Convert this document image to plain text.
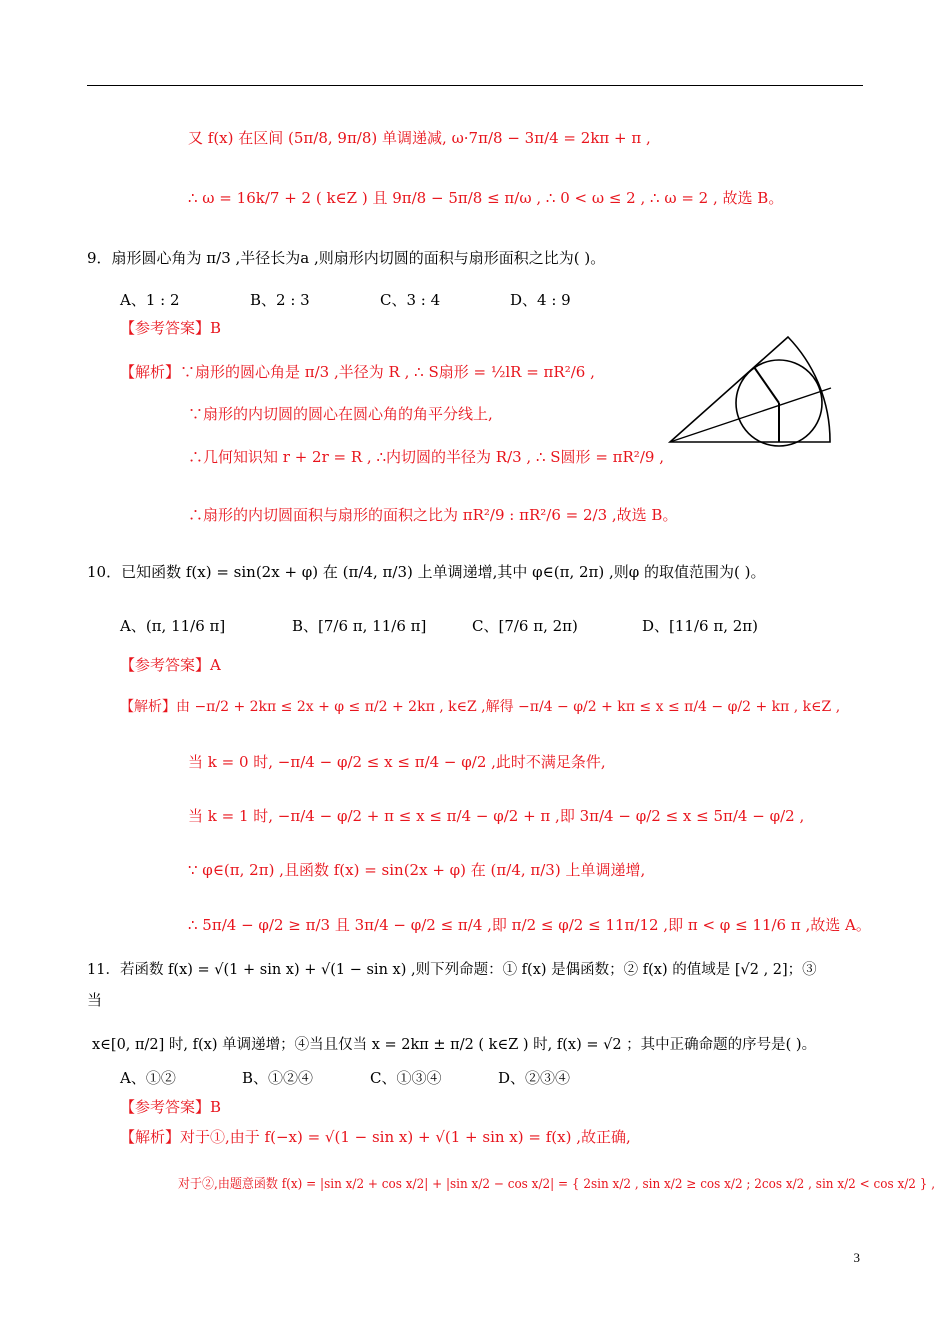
又 f(x) 在区间 (5π/8, 9π/8) 单调递减, ω·7π/8 − 3π/4 = 2kπ + π ,
∴ ω = 16k/7 + 2 ( k∈Z ) 且 9π/8 − 5π/8 ≤ π/ω , ∴ 0 < ω ≤ 2 , ∴ ω = 2 , 故选 B。
9．扇形圆心角为 π/3 ,半径长为a ,则扇形内切圆的面积与扇形面积之比为( )。
A、1 : 2	B、2 : 3	C、3 : 4	D、4 : 9
【参考答案】B
【解析】∵扇形的圆心角是 π/3 ,半径为 R , ∴ S扇形 = ½lR = πR²/6 ,
∵扇形的内切圆的圆心在圆心角的角平分线上,
∴几何知识知 r + 2r = R , ∴内切圆的半径为 R/3 , ∴ S圆形 = πR²/9 ,
∴扇形的内切圆面积与扇形的面积之比为 πR²/9 : πR²/6 = 2/3 ,故选 B。
10．已知函数 f(x) = sin(2x + φ) 在 (π/4, π/3) 上单调递增,其中 φ∈(π, 2π) ,则φ 的取值范围为( )。
A、(π, 11/6 π]	B、[7/6 π, 11/6 π]	C、[7/6 π, 2π)	D、[11/6 π, 2π)
【参考答案】A
【解析】由 −π/2 + 2kπ ≤ 2x + φ ≤ π/2 + 2kπ , k∈Z ,解得 −π/4 − φ/2 + kπ ≤ x ≤ π/4 − φ/2 + kπ , k∈Z ,
当 k = 0 时, −π/4 − φ/2 ≤ x ≤ π/4 − φ/2 ,此时不满足条件,
当 k = 1 时, −π/4 − φ/2 + π ≤ x ≤ π/4 − φ/2 + π ,即 3π/4 − φ/2 ≤ x ≤ 5π/4 − φ/2 ,
∵ φ∈(π, 2π) ,且函数 f(x) = sin(2x + φ) 在 (π/4, π/3) 上单调递增,
∴ 5π/4 − φ/2 ≥ π/3 且 3π/4 − φ/2 ≤ π/4 ,即 π/2 ≤ φ/2 ≤ 11π/12 ,即 π < φ ≤ 11/6 π ,故选 A。
11．若函数 f(x) = √(1 + sin x) + √(1 − sin x) ,则下列命题：① f(x) 是偶函数；② f(x) 的值域是 [√2 , 2]；③
当
x∈[0, π/2] 时, f(x) 单调递增；④当且仅当 x = 2kπ ± π/2 ( k∈Z ) 时, f(x) = √2 ；其中正确命题的序号是( )。
A、①②	B、①②④	C、①③④	D、②③④
【参考答案】B
【解析】对于①,由于 f(−x) = √(1 − sin x) + √(1 + sin x) = f(x) ,故正确,
对于②,由题意函数 f(x) = |sin x/2 + cos x/2| + |sin x/2 − cos x/2| = { 2sin x/2 , sin x/2 ≥ cos x/2 ; 2cos x/2 , sin x/2 < cos x/2 } ,
3
